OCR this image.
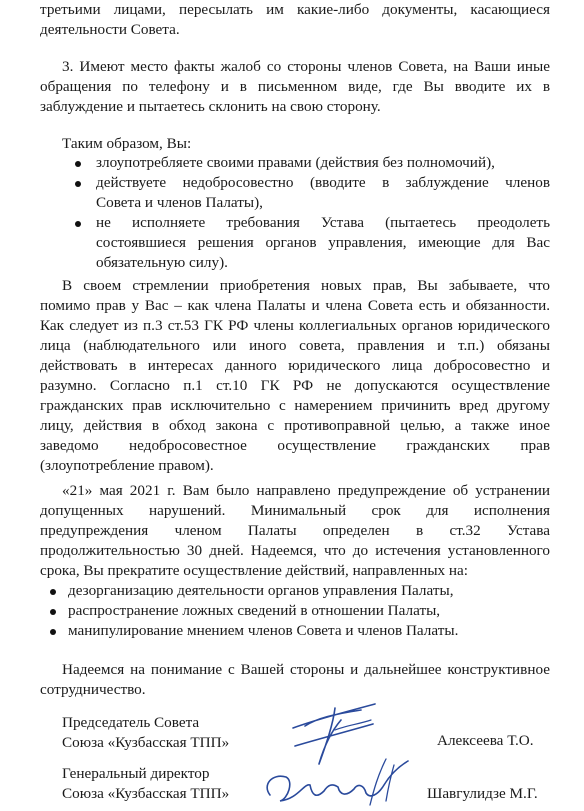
третьими лицами, пересылать им какие-либо документы, касающиеся
деятельности Совета.
3. Имеют место факты жалоб со стороны членов Совета, на Ваши иные
обращения по телефону и в письменном виде, где Вы вводите их в
заблуждение и пытаетесь склонить на свою сторону.
Таким образом, Вы:
злоупотребляете своими правами (действия без полномочий),
действуете недобросовестно (вводите в заблуждение членов
Совета и членов Палаты),
не исполняете требования Устава (пытаетесь преодолеть
состоявшиеся решения органов управления, имеющие для Вас
обязательную силу).
В своем стремлении приобретения новых прав, Вы забываете, что
помимо прав у Вас – как члена Палаты и члена Совета есть и обязанности.
Как следует из п.3 ст.53 ГК РФ члены коллегиальных органов юридического
лица (наблюдательного или иного совета, правления и т.п.) обязаны
действовать в интересах данного юридического лица добросовестно и
разумно. Согласно п.1 ст.10 ГК РФ не допускаются осуществление
гражданских прав исключительно с намерением причинить вред другому
лицу, действия в обход закона с противоправной целью, а также иное
заведомо недобросовестное осуществление гражданских прав
(злоупотребление правом).
«21» мая 2021 г. Вам было направлено предупреждение об устранении
допущенных нарушений. Минимальный срок для исполнения
предупреждения членом Палаты определен в ст.32 Устава
продолжительностью 30 дней. Надеемся, что до истечения установленного
срока, Вы прекратите осуществление действий, направленных на:
дезорганизацию деятельности органов управления Палаты,
распространение ложных сведений в отношении Палаты,
манипулирование мнением членов Совета и членов Палаты.
Надеемся на понимание с Вашей стороны и дальнейшее конструктивное
сотрудничество.
Председатель Совета
Союза «Кузбасская ТПП»	Алексеева Т.О.
Генеральный директор
Союза «Кузбасская ТПП»	Шавгулидзе М.Г.
